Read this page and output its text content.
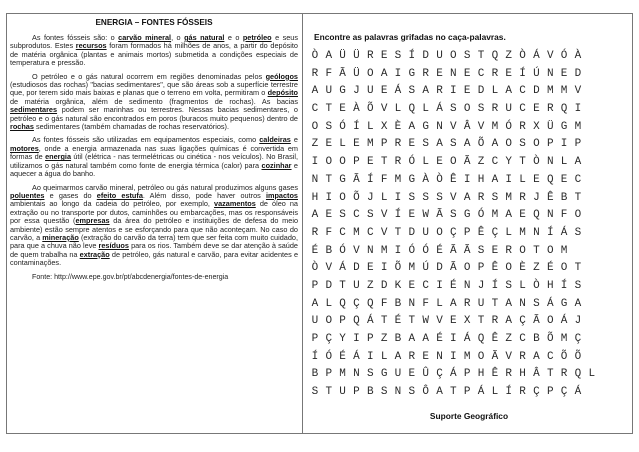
ENERGIA – FONTES FÓSSEIS

As fontes fósseis são: o carvão mineral, o gás natural e o petróleo e seus subprodutos. Estes recursos foram formados há milhões de anos, a partir do depósito de matéria orgânica (plantas e animais mortos) submetida a condições especiais de temperatura e pressão.

O petróleo e o gás natural ocorrem em regiões denominadas pelos geólogos (estudiosos das rochas) "bacias sedimentares", que são áreas sob a superfície terrestre que, por terem sido mais baixas e planas que o terreno em volta, permitiram o depósito de matéria orgânica, além de sedimento (fragmentos de rochas). As bacias sedimentares podem ser marinhas ou terrestres. Nessas bacias sedimentares, o petróleo e o gás natural são encontrados em poros (buracos muito pequenos) dentro de rochas sedimentares (também chamadas de rochas reservatórios).

As fontes fósseis são utilizadas em equipamentos especiais, como caldeiras e motores, onde a energia armazenada nas suas ligações químicas é convertida em formas de energia útil (elétrica - nas termelétricas ou cinética - nos veículos). No Brasil, utilizamos o gás natural também como fonte de energia térmica (calor) para cozinhar e aquecer a água do banho.

Ao queimarmos carvão mineral, petróleo ou gás natural produzimos alguns gases poluentes e gases do efeito estufa. Além disso, pode haver outros impactos ambientais ao longo da cadeia do petróleo, por exemplo, vazamentos de óleo na extração ou no transporte por dutos, caminhões ou embarcações, mas os responsáveis por essa questão (empresas da área do petróleo e instituições de defesa do meio ambiente) estão sempre atentos e se esforçando para que não aconteçam. No caso do carvão, a mineração (extração do carvão da terra) tem que ser feita com muito cuidado, para que a chuva não leve resíduos para os rios. Também deve se dar atenção à saúde de quem trabalha na extração de petróleo, gás natural e carvão, para evitar acidentes e contaminações.

Fonte: http://www.epe.gov.br/pt/abcdenergia/fontes-de-energia
Encontre as palavras grifadas no caça-palavras.
Ò A Ü Ü R E S Í D U O S T Q Z Ò Á V Ó À
R F Ã Ü O A I G R E N E C R E Í Ú N E D
A U G J U E Á S A R I E D L A C D M M V
C T E À Õ V L Q L Á S O S R U C E R Q I
O S Ó Í L X È A G N V Â V M Ó R X Ü G M
Z E L E M P R E S A S A Õ A O S O P I P
I O O P E T R Ó L E O Ã Z C Y T Ò N L A
N T G Ã Í F M G À Ò Ê I H A I L E Q E C
H I O Õ J L I S S S V A R S M R J Ê B T
A E S C S V Í E W Ã S G Ó M A E Q N F O
R F C M C V T D U O Ç P Ê Ç L M N Í Á S
É B Ó V N M I Ó Ó É Ã Ã S E R O T O M
Ò V Á D E I Õ M Ú D Ã O P Ê O È Z É O T
P D T U Z D K E C I É N J Í S L Ò H Í S
A L Q Ç Q F B N F L A R U T A N S Á G A
U O P Q Á T É T W V E X T R A Ç Ã O Á J
P Ç Y I P Z B A A É I Á Q Ê Z C B Õ M Ç
Í Ó É Á I L A R E N I M O Ã V R A C Õ Õ
B P M N S G U E Û Ç Á P H Ê R H Â T R Q L
S T U P B S N S Ô A T P Á L Í R Ç P Ç Á
Suporte Geográfico
